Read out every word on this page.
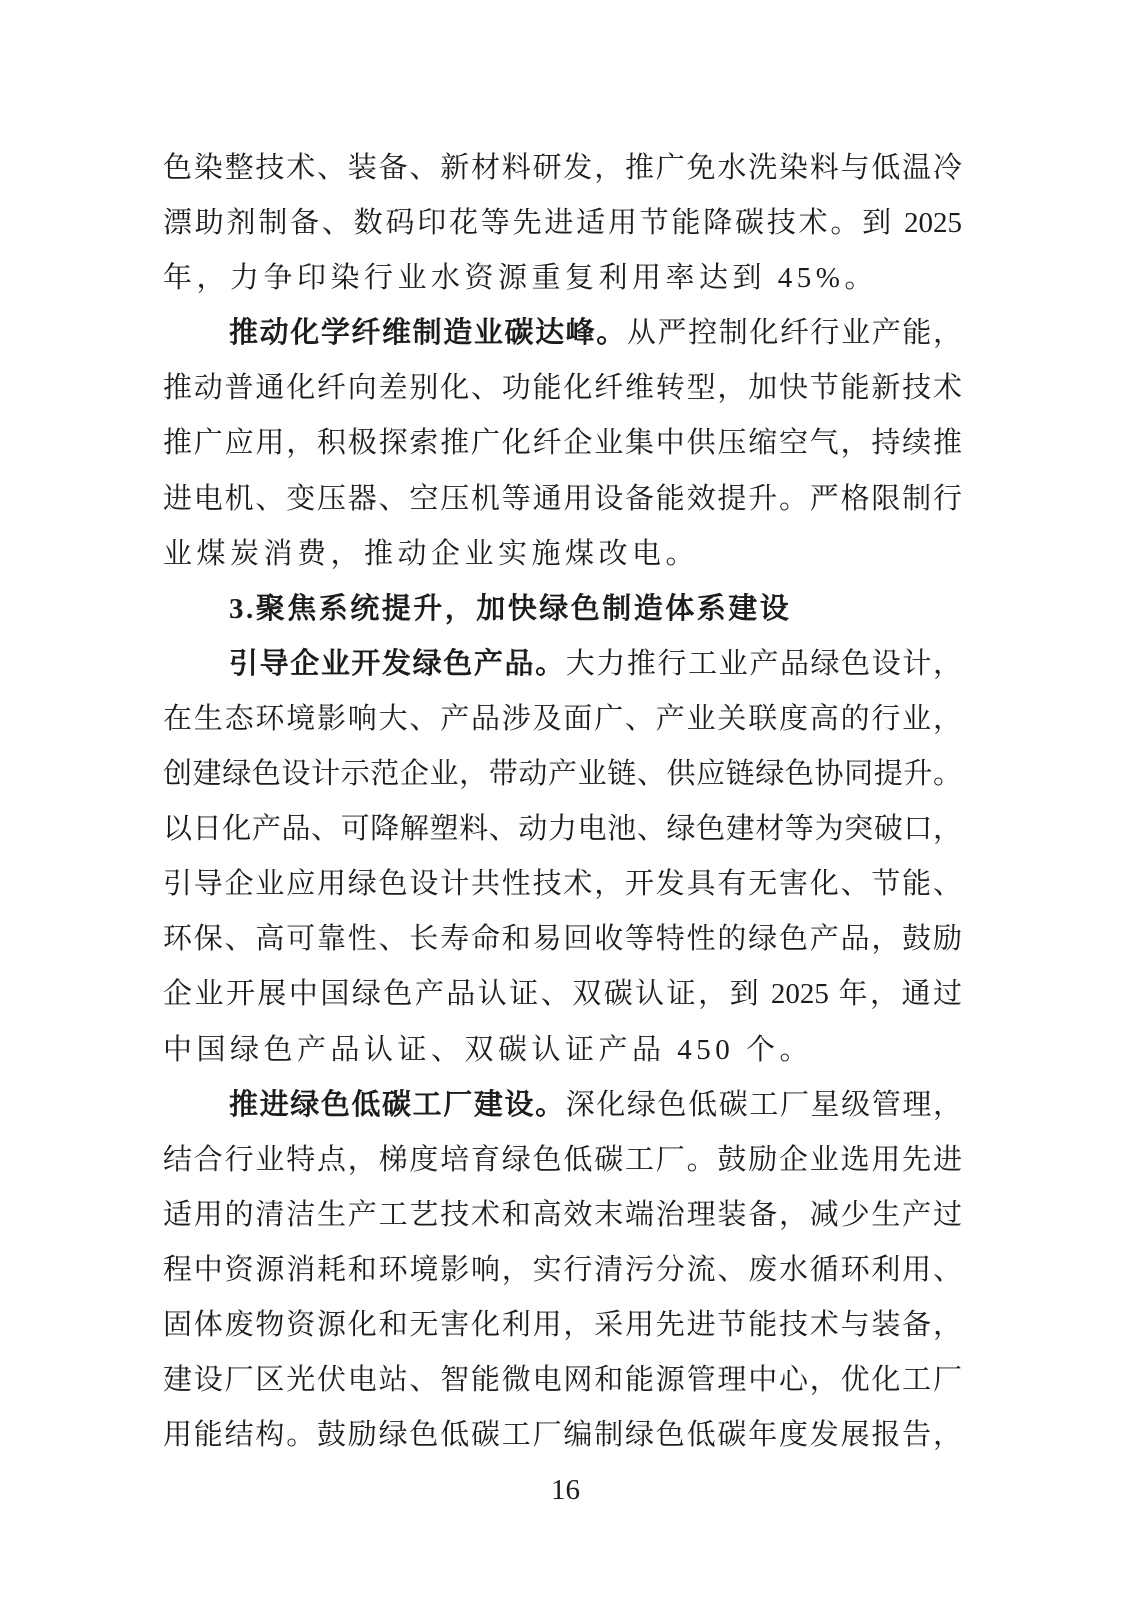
色染整技术、装备、新材料研发，推广免水洗染料与低温冷
漂助剂制备、数码印花等先进适用节能降碳技术。到 2025
年，力争印染行业水资源重复利用率达到 45%。
推动化学纤维制造业碳达峰。从严控制化纤行业产能，
推动普通化纤向差别化、功能化纤维转型，加快节能新技术
推广应用，积极探索推广化纤企业集中供压缩空气，持续推
进电机、变压器、空压机等通用设备能效提升。严格限制行
业煤炭消费，推动企业实施煤改电。
3.聚焦系统提升，加快绿色制造体系建设
引导企业开发绿色产品。大力推行工业产品绿色设计，
在生态环境影响大、产品涉及面广、产业关联度高的行业，
创建绿色设计示范企业，带动产业链、供应链绿色协同提升。
以日化产品、可降解塑料、动力电池、绿色建材等为突破口，
引导企业应用绿色设计共性技术，开发具有无害化、节能、
环保、高可靠性、长寿命和易回收等特性的绿色产品，鼓励
企业开展中国绿色产品认证、双碳认证，到 2025 年，通过
中国绿色产品认证、双碳认证产品 450 个。
推进绿色低碳工厂建设。深化绿色低碳工厂星级管理，
结合行业特点，梯度培育绿色低碳工厂。鼓励企业选用先进
适用的清洁生产工艺技术和高效末端治理装备，减少生产过
程中资源消耗和环境影响，实行清污分流、废水循环利用、
固体废物资源化和无害化利用，采用先进节能技术与装备，
建设厂区光伏电站、智能微电网和能源管理中心，优化工厂
用能结构。鼓励绿色低碳工厂编制绿色低碳年度发展报告，
16
